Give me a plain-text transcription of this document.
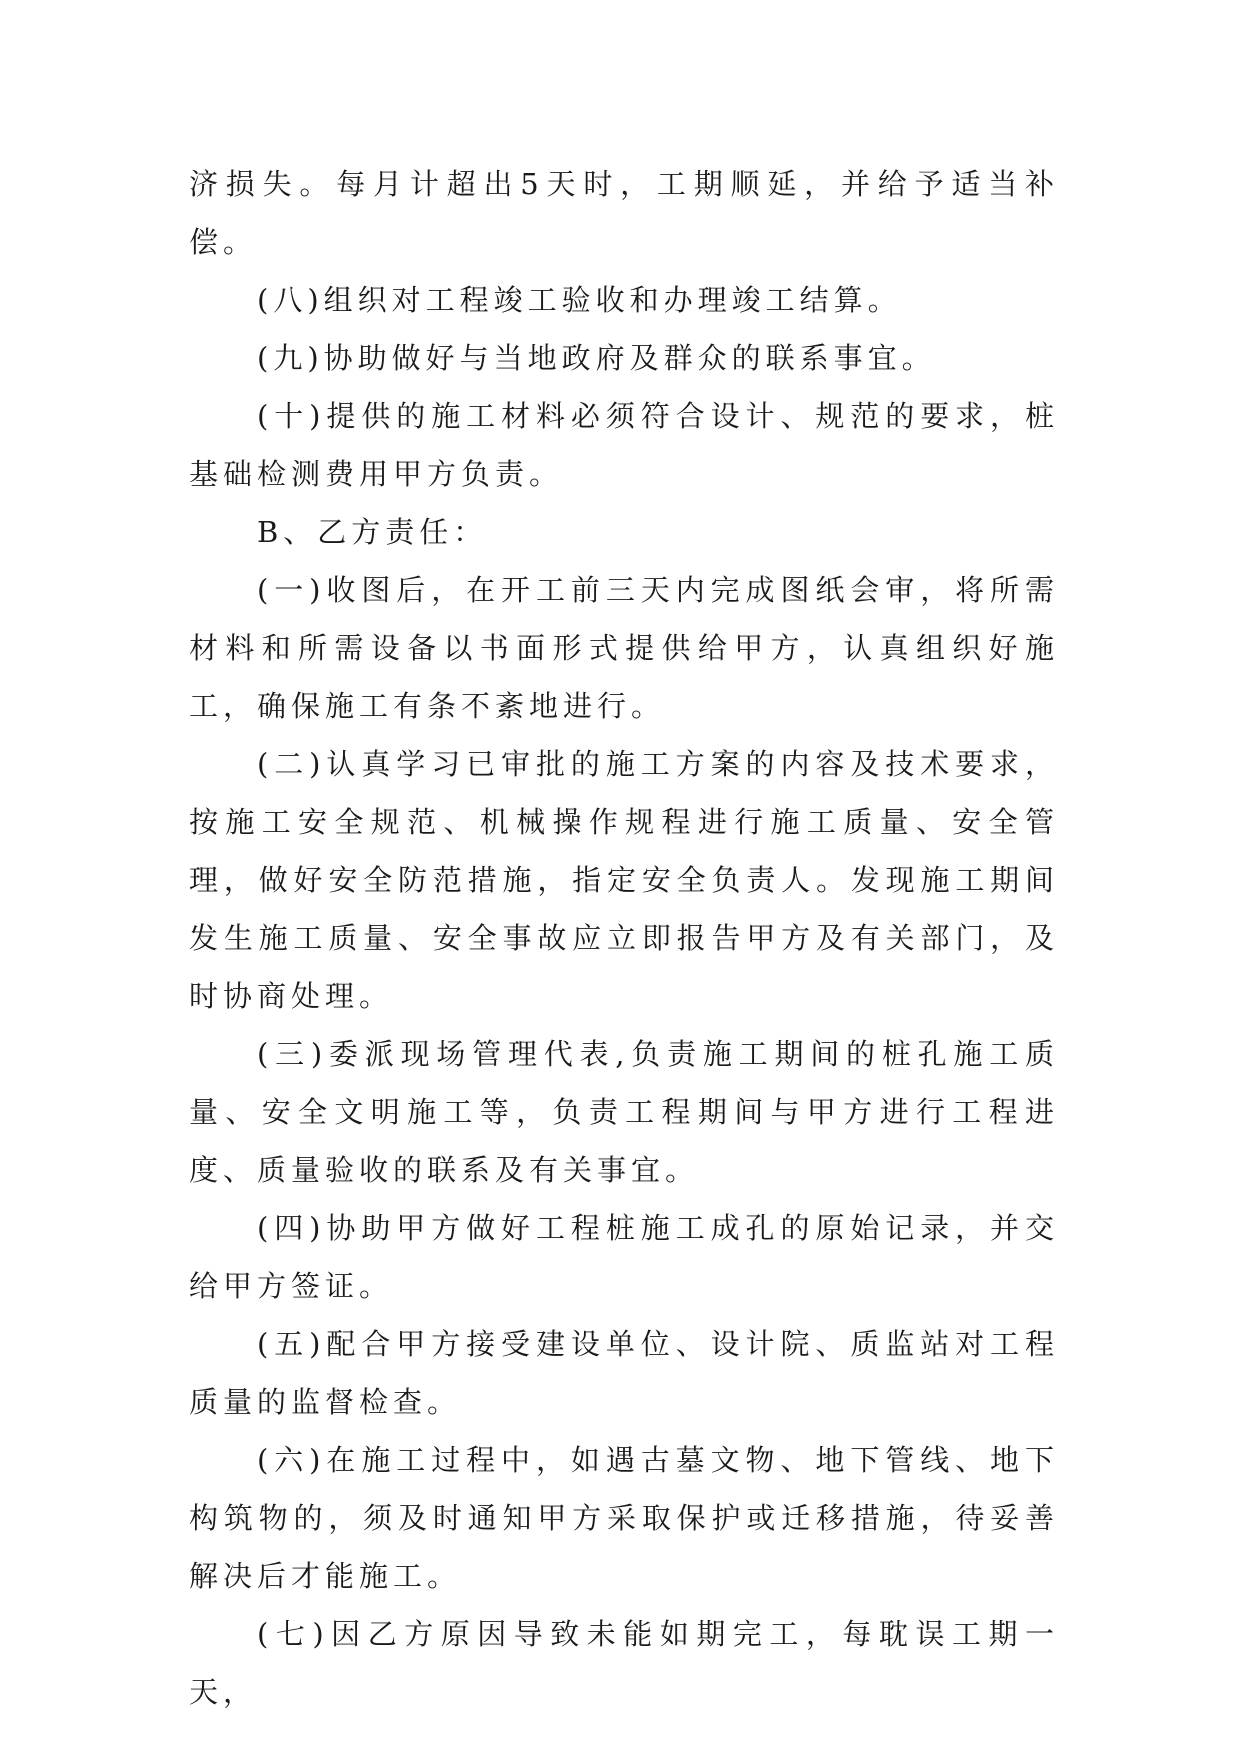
济损失。每月计超出5天时，工期顺延，并给予适当补偿。

(八)组织对工程竣工验收和办理竣工结算。

(九)协助做好与当地政府及群众的联系事宜。

(十)提供的施工材料必须符合设计、规范的要求，桩基础检测费用甲方负责。

B、乙方责任：

(一)收图后，在开工前三天内完成图纸会审，将所需材料和所需设备以书面形式提供给甲方，认真组织好施工，确保施工有条不紊地进行。

(二)认真学习已审批的施工方案的内容及技术要求，按施工安全规范、机械操作规程进行施工质量、安全管理，做好安全防范措施，指定安全负责人。发现施工期间发生施工质量、安全事故应立即报告甲方及有关部门，及时协商处理。

(三)委派现场管理代表,负责施工期间的桩孔施工质量、安全文明施工等，负责工程期间与甲方进行工程进度、质量验收的联系及有关事宜。

(四)协助甲方做好工程桩施工成孔的原始记录，并交给甲方签证。

(五)配合甲方接受建设单位、设计院、质监站对工程质量的监督检查。

(六)在施工过程中，如遇古墓文物、地下管线、地下构筑物的，须及时通知甲方采取保护或迁移措施，待妥善解决后才能施工。

(七)因乙方原因导致未能如期完工，每耽误工期一天，
